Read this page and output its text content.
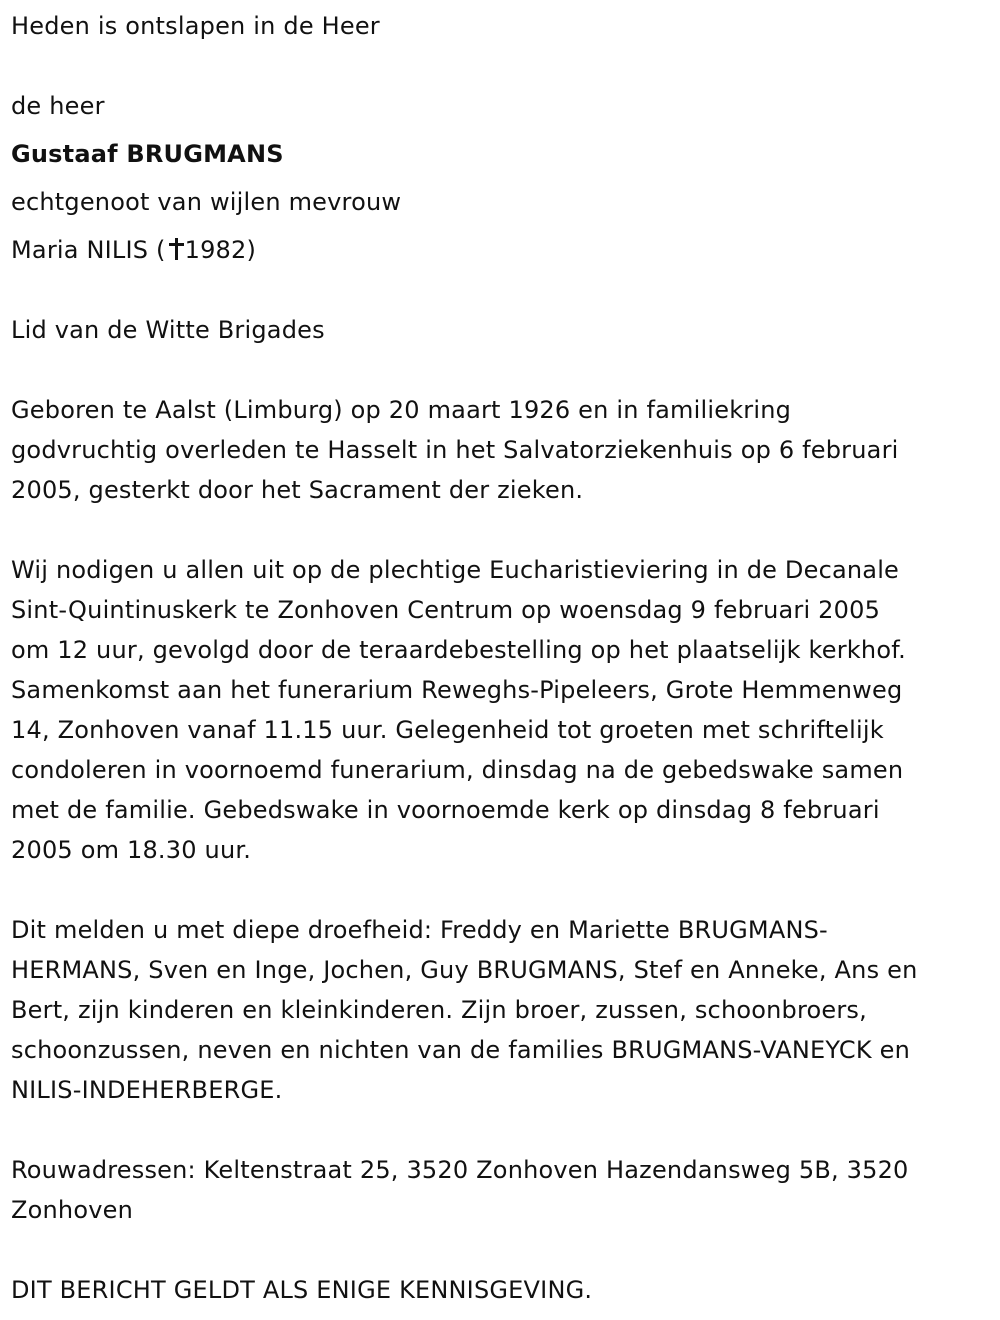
Heden is ontslapen in de Heer

de heer

Gustaaf BRUGMANS

echtgenoot van wijlen mevrouw

Maria NILIS ( 1982)

Lid van de Witte Brigades

Geboren te Aalst (Limburg) op 20 maart 1926 en in familiekring

godvruchtig overleden te Hasselt in het Salvatorziekenhuis op 6 februari

2005, gesterkt door het Sacrament der zieken.

Wij nodigen u allen uit op de plechtige Eucharistieviering in de Decanale

Sint-Quintinuskerk te Zonhoven Centrum op woensdag 9 februari 2005

om 12 uur, gevolgd door de teraardebestelling op het plaatselijk kerkhof.

Samenkomst aan het funerarium Reweghs-Pipeleers, Grote Hemmenweg

14, Zonhoven vanaf 11.15 uur. Gelegenheid tot groeten met schriftelijk

condoleren in voornoemd funerarium, dinsdag na de gebedswake samen

met de familie. Gebedswake in voornoemde kerk op dinsdag 8 februari

2005 om 18.30 uur.

Dit melden u met diepe droefheid: Freddy en Mariette BRUGMANS-

HERMANS, Sven en Inge, Jochen, Guy BRUGMANS, Stef en Anneke, Ans en

Bert, zijn kinderen en kleinkinderen. Zijn broer, zussen, schoonbroers,

schoonzussen, neven en nichten van de families BRUGMANS-VANEYCK en

NILIS-INDEHERBERGE.

Rouwadressen: Keltenstraat 25, 3520 Zonhoven Hazendansweg 5B, 3520

Zonhoven

DIT BERICHT GELDT ALS ENIGE KENNISGEVING.
